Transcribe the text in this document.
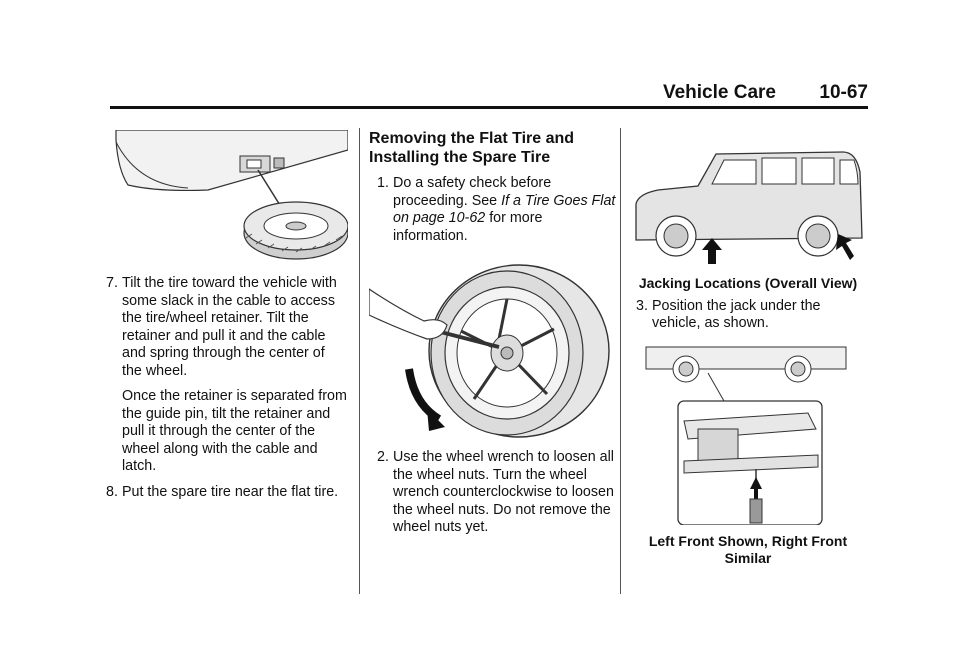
Vehicle Care 10-67

7. Tilt the tire toward the vehicle with some slack in the cable to access the tire/wheel retainer. Tilt the retainer and pull it and the cable and spring through the center of the wheel.

Once the retainer is separated from the guide pin, tilt the retainer and pull it through the center of the wheel along with the cable and latch.

8. Put the spare tire near the flat tire.

Removing the Flat Tire and Installing the Spare Tire

1. Do a safety check before proceeding. See If a Tire Goes Flat on page 10-62 for more information.

2. Use the wheel wrench to loosen all the wheel nuts. Turn the wheel wrench counterclockwise to loosen the wheel nuts. Do not remove the wheel nuts yet.

Jacking Locations (Overall View)

3. Position the jack under the vehicle, as shown.

Left Front Shown, Right Front Similar
